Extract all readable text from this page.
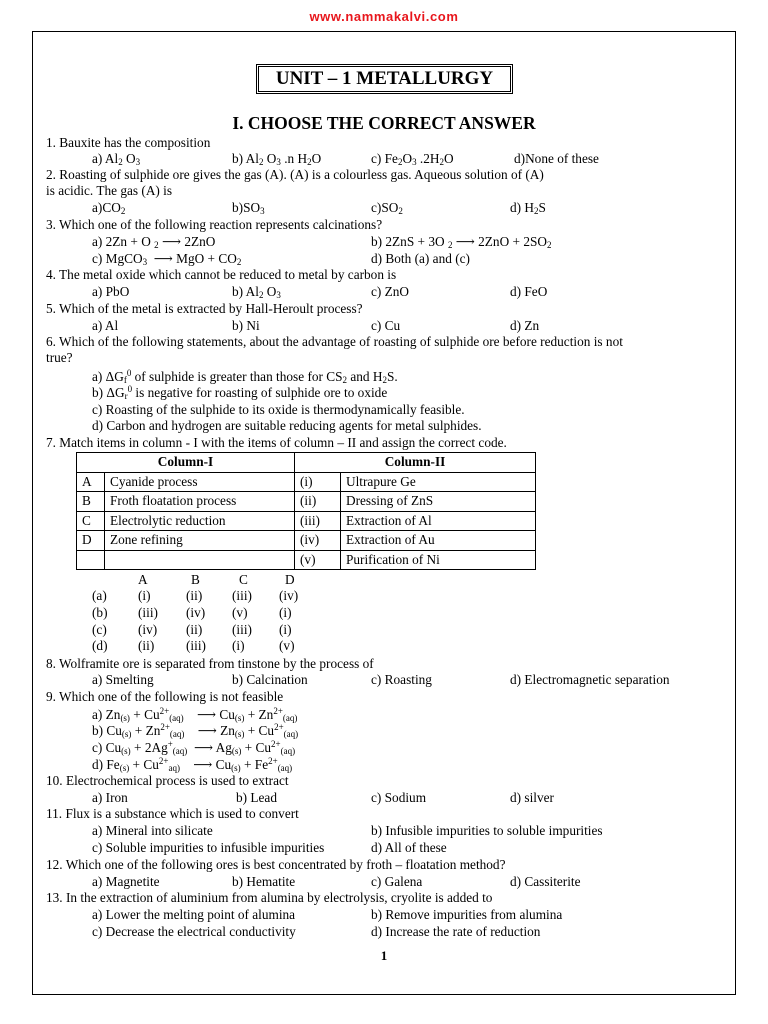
www.nammakalvi.com
UNIT – 1 METALLURGY
I. CHOOSE THE CORRECT ANSWER
1. Bauxite has the composition
a) $Al_2$ $O_3$	b) $Al_2$ $O_3$ .n $H_2O$	c) $Fe_2O_3$ $.2H_2O$	d)None of these
2. Roasting of sulphide ore gives the gas (A). (A) is a colourless gas. Aqueous solution of (A)
is acidic. The gas (A) is
$a)CO_2$	$b)SO_3$	$c)SO_2$	d) $H_2S$
3. Which one of the following reaction represents calcinations?
a) 2Zn + O $_2$ ⟶ 2ZnO	b) 2ZnS + 3O $_2$ ⟶ $2ZnO + 2SO_2$
c) MgCO$_3$  ⟶ MgO + $CO_2$	d) Both (a) and (c)
4. The metal oxide which cannot be reduced to metal by carbon is
a) PbO	b) $Al_2$ $O_3$	c) ZnO	d) FeO
5. Which of the metal is extracted by Hall-Heroult process?
a) Al	b) Ni	c) Cu	d) Zn
6. Which of the following statements, about the advantage of roasting of sulphide ore before reduction is not
true?
a) $\Delta G_f^0$ of sulphide is greater than those for $CS_2$ and $H_2S$.
b) $\Delta G_r^0$ is negative for roasting of sulphide ore to oxide
c) Roasting of the sulphide to its oxide is thermodynamically feasible.
d) Carbon and hydrogen are suitable reducing agents for metal sulphides.
7. Match items in column - I with the items of column – II and assign the correct code.
A	B	C	D
(a) (i)	(ii) (iii) (iv)
(b) (iii) (iv) (v) (i)
(c) (iv) (ii) (iii) (i)
(d) (ii) (iii) (i)	(v)
8. Wolframite ore is separated from tinstone by the process of
a) Smelting	b) Calcination	c) Roasting	d) Electromagnetic separation
9. Which one of the following is not feasible
a) $Zn_{(s)} + Cu^{2+}_{(aq)}$    ⟶ $Cu_{(s)} + Zn^{2+}_{(aq)}$
b) $Cu_{(s)} + Zn^{2+}_{(aq)}$    ⟶ $Zn_{(s)} + Cu^{2+}_{(aq)}$
c) $Cu_{(s)} + 2Ag^+_{(aq)}$  ⟶ $Ag_{(s)} + Cu^{2+}_{(aq)}$
d) $Fe_{(s)} + Cu^{2+}_{aq)}$    ⟶ $Cu_{(s)} + Fe^{2+}_{(aq)}$
10. Electrochemical process is used to extract
a) Iron	b) Lead	c) Sodium	d) silver
11. Flux is a substance which is used to convert
a) Mineral into silicate	b) Infusible impurities to soluble impurities
c) Soluble impurities to infusible impurities	d) All of these
12. Which one of the following ores is best concentrated by froth – floatation method?
a) Magnetite	b) Hematite	c) Galena	d) Cassiterite
13. In the extraction of aluminium from alumina by electrolysis, cryolite is added to
a) Lower the melting point of alumina	b) Remove impurities from alumina
c) Decrease the electrical conductivity	d) Increase the rate of reduction
Column-I		Column-II	
A	Cyanide process	(i)	Ultrapure Ge
B	Froth floatation process	(ii)	Dressing of ZnS
C	Electrolytic reduction	(iii)	Extraction of Al
D	Zone refining	(iv)	Extraction of Au
		(v)	Purification of Ni
1
